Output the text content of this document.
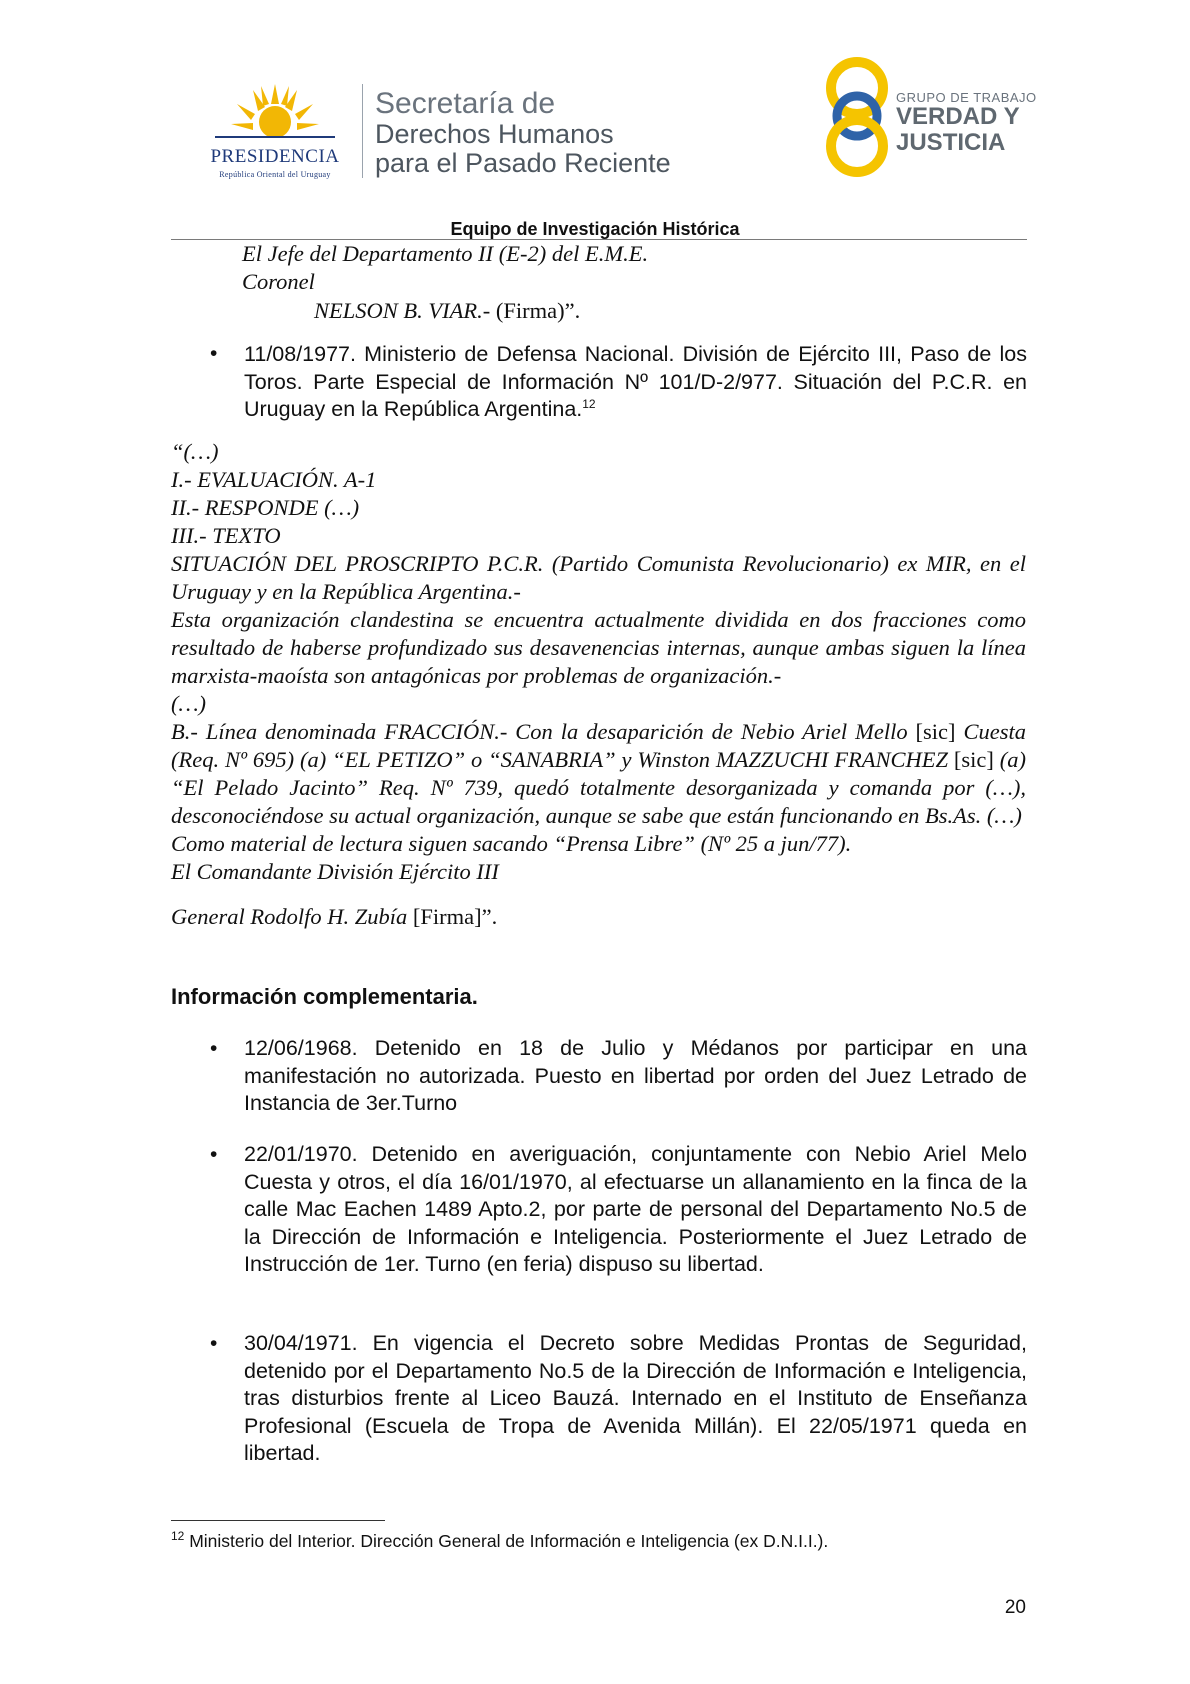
PRESIDENCIA
República Oriental del Uruguay
Secretaría de
Derechos Humanos
para el Pasado Reciente
GRUPO DE TRABAJO
VERDAD Y
JUSTICIA
Equipo de Investigación Histórica
El Jefe del Departamento II (E-2) del E.M.E.
Coronel
NELSON B. VIAR.- (Firma)”.
• 11/08/1977. Ministerio de Defensa Nacional. División de Ejército III, Paso de los Toros. Parte Especial de Información Nº 101/D-2/977. Situación del P.C.R. en Uruguay en la República Argentina.$^{12}$
“(…)
I.- EVALUACIÓN. A-1
II.- RESPONDE (…)
III.- TEXTO
SITUACIÓN DEL PROSCRIPTO P.C.R. (Partido Comunista Revolucionario) ex MIR, en el Uruguay y en la República Argentina.-
Esta organización clandestina se encuentra actualmente dividida en dos fracciones como resultado de haberse profundizado sus desavenencias internas, aunque ambas siguen la línea marxista-maoísta son antagónicas por problemas de organización.-
(…)
B.- Línea denominada FRACCIÓN.- Con la desaparición de Nebio Ariel Mello [sic] Cuesta (Req. Nº 695) (a) “EL PETIZO” o “SANABRIA” y Winston MAZZUCHI FRANCHEZ [sic] (a) “El Pelado Jacinto” Req. Nº 739, quedó totalmente desorganizada y comanda por (…), desconociéndose su actual organización, aunque se sabe que están funcionando en Bs.As. (…)
Como material de lectura siguen sacando “Prensa Libre” (Nº 25 a jun/77).
El Comandante División Ejército III
General Rodolfo H. Zubía [Firma]”.
Información complementaria.
• 12/06/1968. Detenido en 18 de Julio y Médanos por participar en una manifestación no autorizada. Puesto en libertad por orden del Juez Letrado de Instancia de 3er.Turno
• 22/01/1970. Detenido en averiguación, conjuntamente con Nebio Ariel Melo Cuesta y otros, el día 16/01/1970, al efectuarse un allanamiento en la finca de la calle Mac Eachen 1489 Apto.2, por parte de personal del Departamento No.5 de la Dirección de Información e Inteligencia. Posteriormente el Juez Letrado de Instrucción de 1er. Turno (en feria) dispuso su libertad.
• 30/04/1971. En vigencia el Decreto sobre Medidas Prontas de Seguridad, detenido por el Departamento No.5 de la Dirección de Información e Inteligencia, tras disturbios frente al Liceo Bauzá. Internado en el Instituto de Enseñanza Profesional (Escuela de Tropa de Avenida Millán). El 22/05/1971 queda en libertad.
$^{12}$ Ministerio del Interior. Dirección General de Información e Inteligencia (ex D.N.I.I.).
20
